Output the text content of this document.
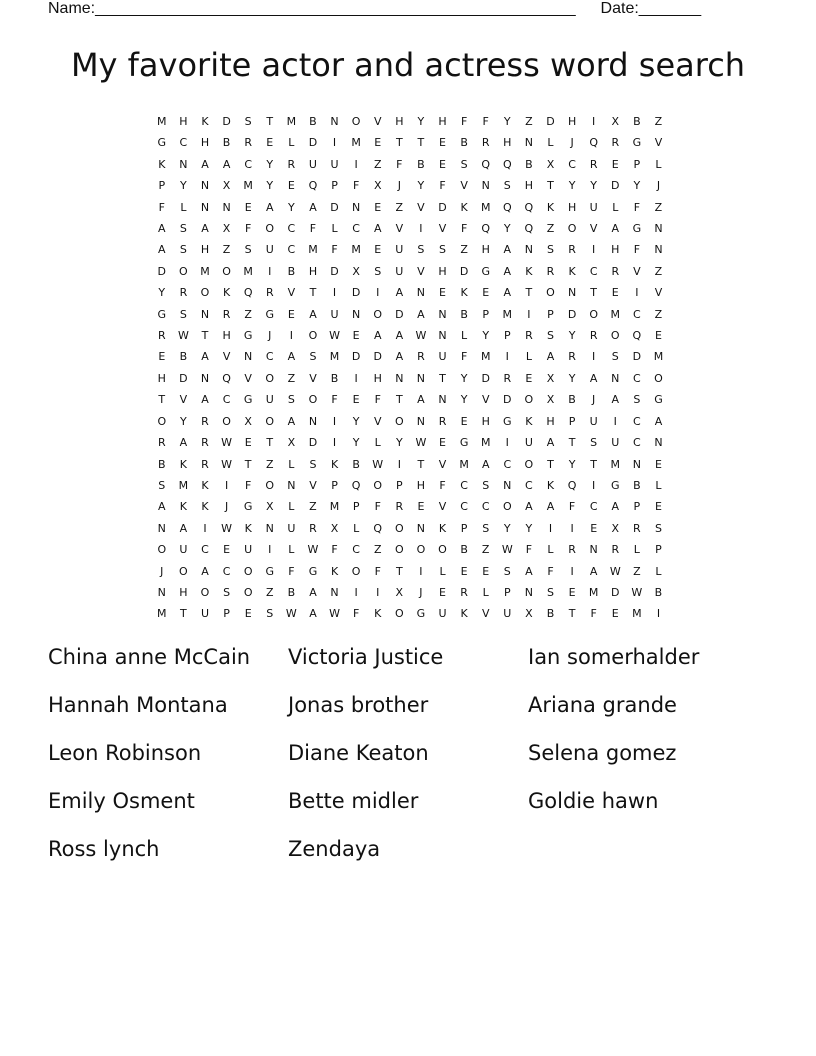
Name:______________________________________________________ Date:_______
My favorite actor and actress word search
M	H	K	D	S	T	M	B	N	O	V	H	Y	H	F	F	Y	Z	D	H	I	X	B	Z
G	C	H	B	R	E	L	D	I	M	E	T	T	E	B	R	H	N	L	J	Q	R	G	V
K	N	A	A	C	Y	R	U	U	I	Z	F	B	E	S	Q	Q	B	X	C	R	E	P	L
P	Y	N	X	M	Y	E	Q	P	F	X	J	Y	F	V	N	S	H	T	Y	Y	D	Y	J
F	L	N	N	E	A	Y	A	D	N	E	Z	V	D	K	M	Q	Q	K	H	U	L	F	Z
A	S	A	X	F	O	C	F	L	C	A	V	I	V	F	Q	Y	Q	Z	O	V	A	G	N
A	S	H	Z	S	U	C	M	F	M	E	U	S	S	Z	H	A	N	S	R	I	H	F	N
D	O	M	O	M	I	B	H	D	X	S	U	V	H	D	G	A	K	R	K	C	R	V	Z
Y	R	O	K	Q	R	V	T	I	D	I	A	N	E	K	E	A	T	O	N	T	E	I	V
G	S	N	R	Z	G	E	A	U	N	O	D	A	N	B	P	M	I	P	D	O	M	C	Z
R	W	T	H	G	J	I	O	W	E	A	A	W	N	L	Y	P	R	S	Y	R	O	Q	E
E	B	A	V	N	C	A	S	M	D	D	A	R	U	F	M	I	L	A	R	I	S	D	M
H	D	N	Q	V	O	Z	V	B	I	H	N	N	T	Y	D	R	E	X	Y	A	N	C	O
T	V	A	C	G	U	S	O	F	E	F	T	A	N	Y	V	D	O	X	B	J	A	S	G
O	Y	R	O	X	O	A	N	I	Y	V	O	N	R	E	H	G	K	H	P	U	I	C	A
R	A	R	W	E	T	X	D	I	Y	L	Y	W	E	G	M	I	U	A	T	S	U	C	N
B	K	R	W	T	Z	L	S	K	B	W	I	T	V	M	A	C	O	T	Y	T	M	N	E
S	M	K	I	F	O	N	V	P	Q	O	P	H	F	C	S	N	C	K	Q	I	G	B	L
A	K	K	J	G	X	L	Z	M	P	F	R	E	V	C	C	O	A	A	F	C	A	P	E
N	A	I	W	K	N	U	R	X	L	Q	O	N	K	P	S	Y	Y	I	I	E	X	R	S
O	U	C	E	U	I	L	W	F	C	Z	O	O	O	B	Z	W	F	L	R	N	R	L	P
J	O	A	C	O	G	F	G	K	O	F	T	I	L	E	E	S	A	F	I	A	W	Z	L
N	H	O	S	O	Z	B	A	N	I	I	X	J	E	R	L	P	N	S	E	M	D	W	B
M	T	U	P	E	S	W	A	W	F	K	O	G	U	K	V	U	X	B	T	F	E	M	I
China anne McCain	Victoria Justice	Ian somerhalder
Hannah Montana	Jonas brother	Ariana grande
Leon Robinson	Diane Keaton	Selena gomez
Emily Osment	Bette midler	Goldie hawn
Ross lynch	Zendaya
